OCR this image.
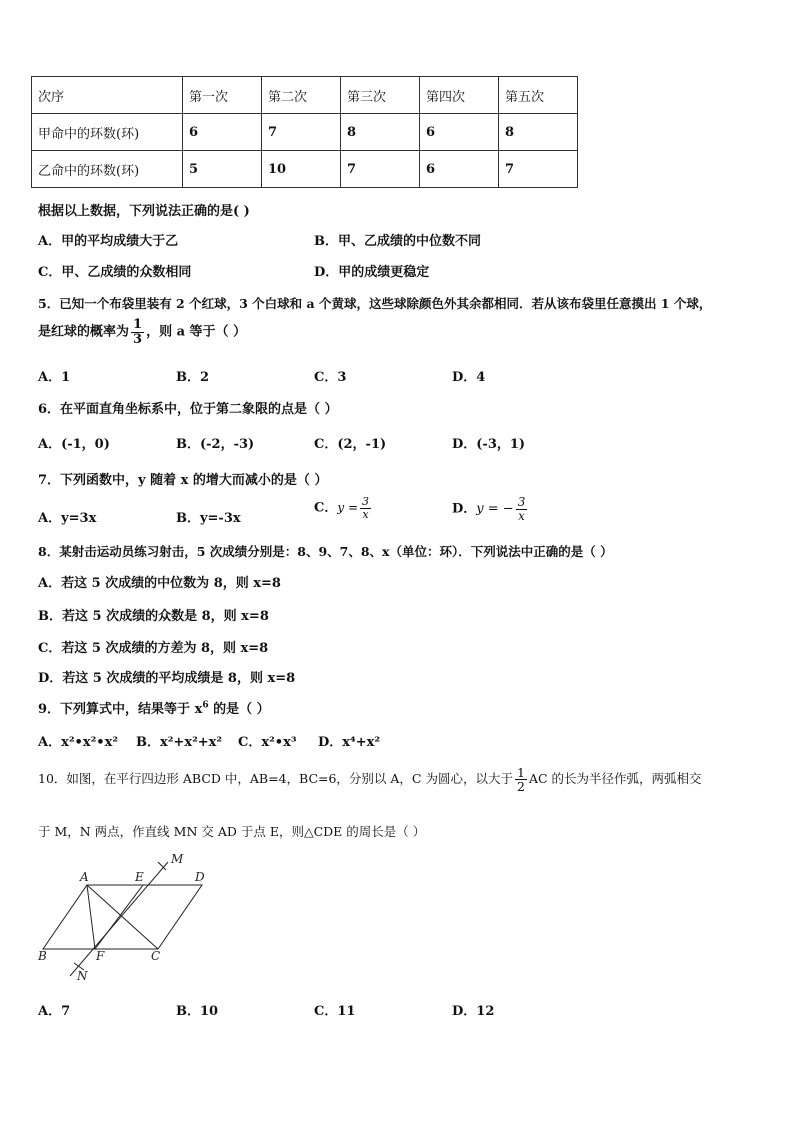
次序	第一次	第二次	第三次	第四次	第五次
甲命中的环数(环)	6	7	8	6	8
乙命中的环数(环)	5	10	7	6	7
根据以上数据，下列说法正确的是( )
A．甲的平均成绩大于乙	B．甲、乙成绩的中位数不同
C．甲、乙成绩的众数相同	D．甲的成绩更稳定
5．已知一个布袋里装有 2 个红球，3 个白球和 a 个黄球，这些球除颜色外其余都相同．若从该布袋里任意摸出 1 个球，
是红球的概率为 $\frac{1}{3}$ ，则 a 等于（ ）
A．1	B．2	C．3	D．4
6．在平面直角坐标系中，位于第二象限的点是（ ）
A．(-1，0)	B．(-2，-3)	C．(2，-1)	D．(-3，1)
7．下列函数中，y 随着 x 的增大而减小的是（ ）
A．y=3x	B．y=-3x
C．$y = \frac{3}{x}$	D．y = − $\frac{3}{x}$
8．某射击运动员练习射击，5 次成绩分别是：8、9、7、8、x（单位：环）．下列说法中正确的是（ ）
A．若这 5 次成绩的中位数为 8，则 x=8
B．若这 5 次成绩的众数是 8，则 x=8
C．若这 5 次成绩的方差为 8，则 x=8
D．若这 5 次成绩的平均成绩是 8，则 x=8
9．下列算式中，结果等于 $x^6$ 的是（ ）
A．x²•x²•x² B．x²+x²+x² C．x²•x³ D．x⁴+x²
10．如图，在平行四边形 ABCD 中，AB=4，BC=6，分别以 A，C 为圆心，以大于 $\frac{1}{2}$ AC 的长为半径作弧，两弧相交
于 M，N 两点，作直线 MN 交 AD 于点 E，则△CDE 的周长是（ ）
A	E	D
M
B	F	C
N
A．7	B．10	C．11	D．12
